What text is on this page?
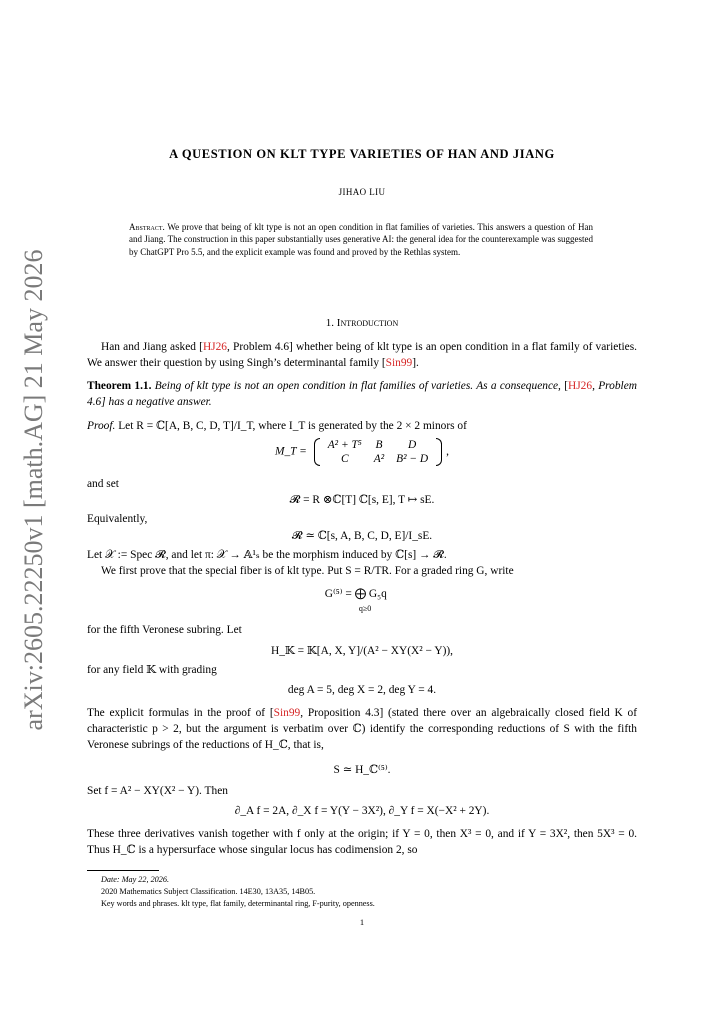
arXiv:2605.22250v1 [math.AG] 21 May 2026
A QUESTION ON KLT TYPE VARIETIES OF HAN AND JIANG
JIHAO LIU
Abstract. We prove that being of klt type is not an open condition in flat families of varieties. This answers a question of Han and Jiang. The construction in this paper substantially uses generative AI: the general idea for the counterexample was suggested by ChatGPT Pro 5.5, and the explicit example was found and proved by the Rethlas system.
1. Introduction
Han and Jiang asked [HJ26, Problem 4.6] whether being of klt type is an open condition in a flat family of varieties. We answer their question by using Singh’s determinantal family [Sin99].
Theorem 1.1. Being of klt type is not an open condition in flat families of varieties. As a consequence, [HJ26, Problem 4.6] has a negative answer.
Proof. Let R = ℂ[A, B, C, D, T]/I_T, where I_T is generated by the 2 × 2 minors of
M_T =
A² + T⁵	B	D
C	A²	B² − D
,
and set
𝓡 = R ⊗ℂ[T] ℂ[s, E], T ↦ sE.
Equivalently,
𝓡 ≃ ℂ[s, A, B, C, D, E]/I_sE.
Let 𝒳 := Spec 𝓡, and let π: 𝒳 → 𝔸¹ₛ be the morphism induced by ℂ[s] → 𝓡.
We first prove that the special fiber is of klt type. Put S = R/TR. For a graded ring G, write
G⁽⁵⁾ = ⨁ $G_5q_{q\ge 0}$
for the fifth Veronese subring. Let
H_𝕂 = 𝕂[A, X, Y]/(A² − XY(X² − Y)),
for any field 𝕂 with grading
deg A = 5, deg X = 2, deg Y = 4.
The explicit formulas in the proof of [Sin99, Proposition 4.3] (stated there over an algebraically closed field K of characteristic p > 2, but the argument is verbatim over ℂ) identify the corresponding reductions of S with the fifth Veronese subrings of the reductions of H_ℂ, that is,
S ≃ H_ℂ⁽⁵⁾.
Set f = A² − XY(X² − Y). Then
∂_A f = 2A, ∂_X f = Y(Y − 3X²), ∂_Y f = X(−X² + 2Y).
These three derivatives vanish together with f only at the origin; if Y = 0, then X³ = 0, and if Y = 3X², then 5X³ = 0. Thus H_ℂ is a hypersurface whose singular locus has codimension 2, so
Date: May 22, 2026.
2020 Mathematics Subject Classification. 14E30, 13A35, 14B05.
Key words and phrases. klt type, flat family, determinantal ring, F-purity, openness.
1
